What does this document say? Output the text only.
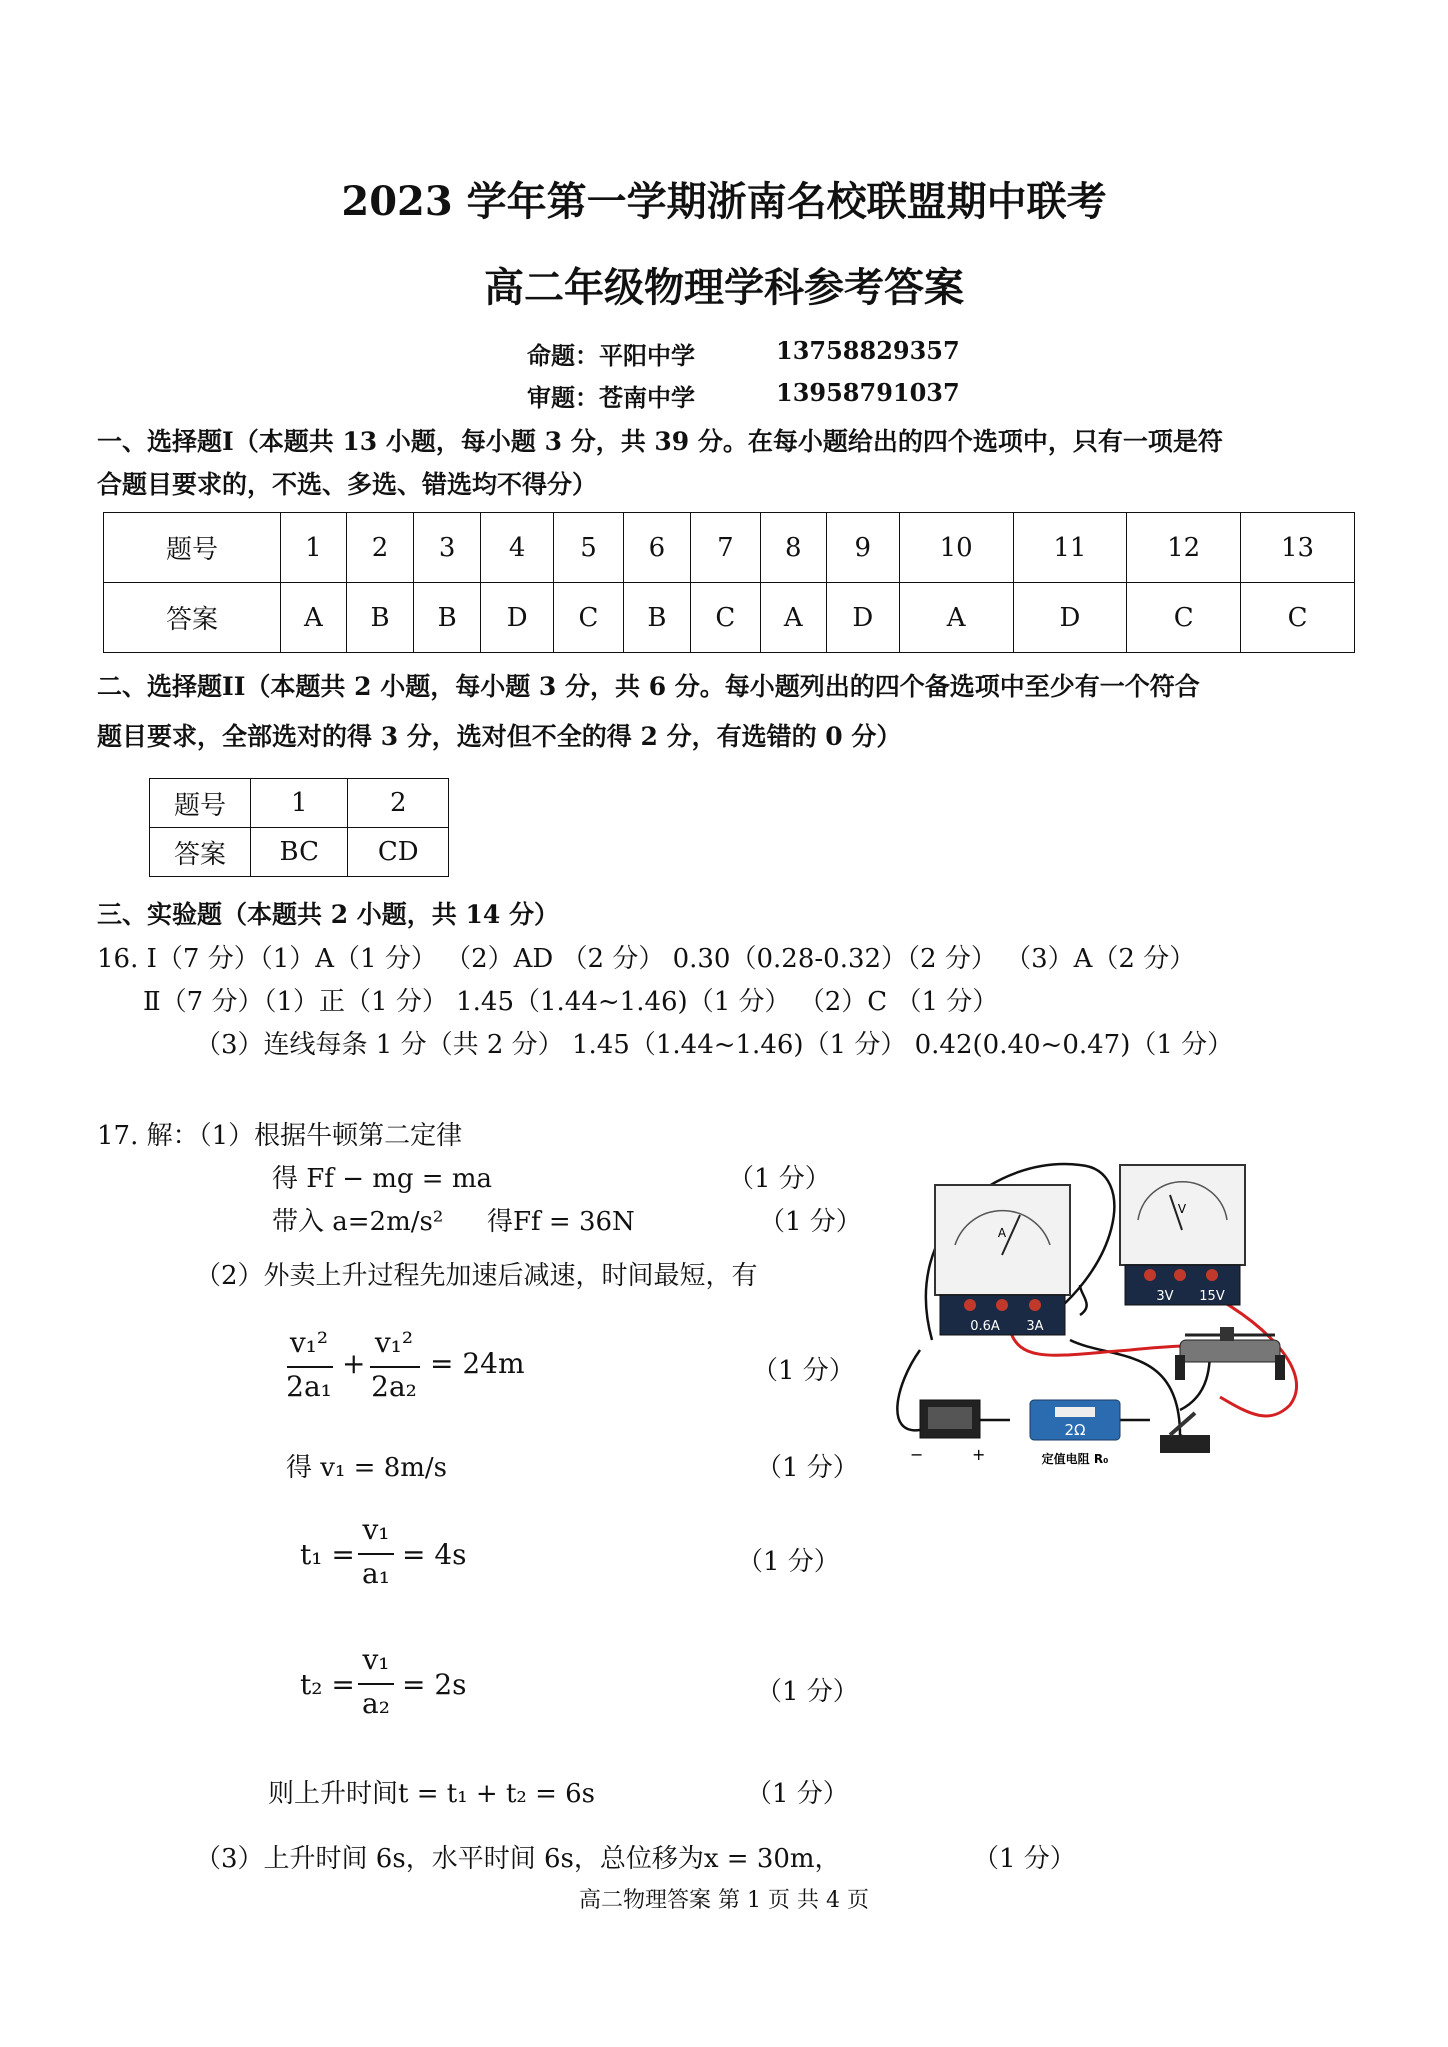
2023 学年第一学期浙南名校联盟期中联考
高二年级物理学科参考答案
命题：平阳中学	13758829357
审题：苍南中学	13958791037
一、选择题I（本题共 13 小题，每小题 3 分，共 39 分。在每小题给出的四个选项中，只有一项是符
合题目要求的，不选、多选、错选均不得分）
题号	1	2	3	4	5	6	7	8	9	10	11	12	13
答案	A	B	B	D	C	B	C	A	D	A	D	C	C
二、选择题II（本题共 2 小题，每小题 3 分，共 6 分。每小题列出的四个备选项中至少有一个符合
题目要求，全部选对的得 3 分，选对但不全的得 2 分，有选错的 0 分）
题号	1	2
答案	BC	CD
三、实验题（本题共 2 小题，共 14 分）
16. Ⅰ（7 分）（1）A（1 分） （2）AD （2 分） 0.30（0.28-0.32）（2 分） （3）A（2 分）
Ⅱ（7 分）（1）正（1 分） 1.45（1.44~1.46)（1 分） （2）C （1 分）
（3）连线每条 1 分（共 2 分） 1.45（1.44~1.46)（1 分） 0.42(0.40~0.47)（1 分）
17. 解：（1）根据牛顿第二定律
得 Ff − mg = ma	（1 分）
带入 a=2m/s² 得Ff = 36N	（1 分）
（2）外卖上升过程先加速后减速，时间最短，有
v₁²
2a₁
+
v₁²
2a₂
= 24m	（1 分）
得 v₁ = 8m/s	（1 分）
t₁ =
v₁
a₁
= 4s	（1 分）
t₂ =
v₁
a₂
= 2s	（1 分）
则上升时间t = t₁ + t₂ = 6s	（1 分）
（3）上升时间 6s，水平时间 6s，总位移为x = 30m，	（1 分）
A
0.6A 3A
V
3V 15V
−	+
2Ω
定值电阻 R₀
高二物理答案 第 1 页 共 4 页
